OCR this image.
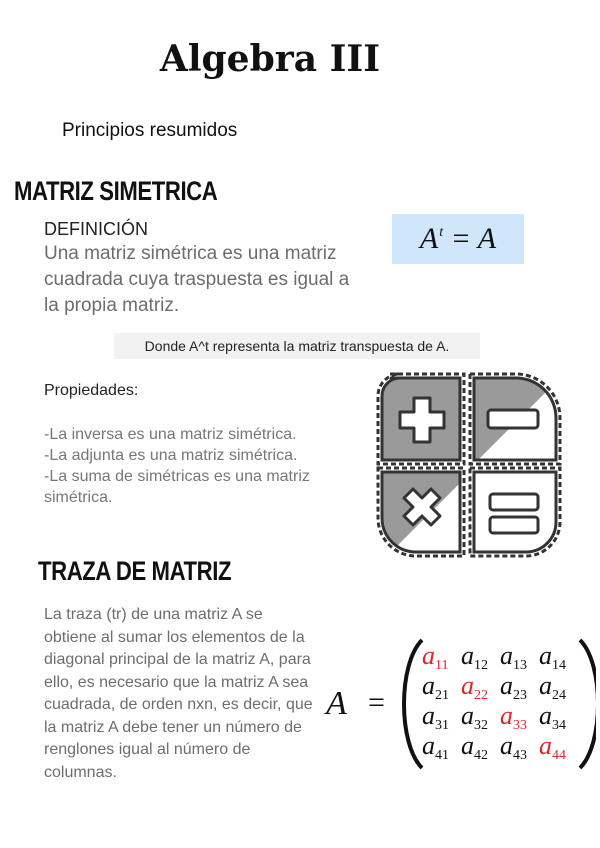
Algebra III
Principios resumidos
MATRIZ SIMETRICA
DEFINICIÓN
Una matriz simétrica es una matriz cuadrada cuya traspuesta es igual a la propia matriz.
$A^t = A$
Donde A^t representa la matriz transpuesta de A.
Propiedades:
-La inversa es una matriz simétrica.
-La adjunta es una matriz simétrica.
-La suma de simétricas es una matriz
simétrica.
TRAZA DE MATRIZ
La traza (tr) de una matriz A se obtiene al sumar los elementos de la diagonal principal de la matriz A, para ello, es necesario que la matriz A sea cuadrada, de orden nxn, es decir, que la matriz A debe tener un número de renglones igual al número de columnas.
A =
a11 a12 a13 a14
a21 a22 a23 a24
a31 a32 a33 a34
a41 a42 a43 a44
